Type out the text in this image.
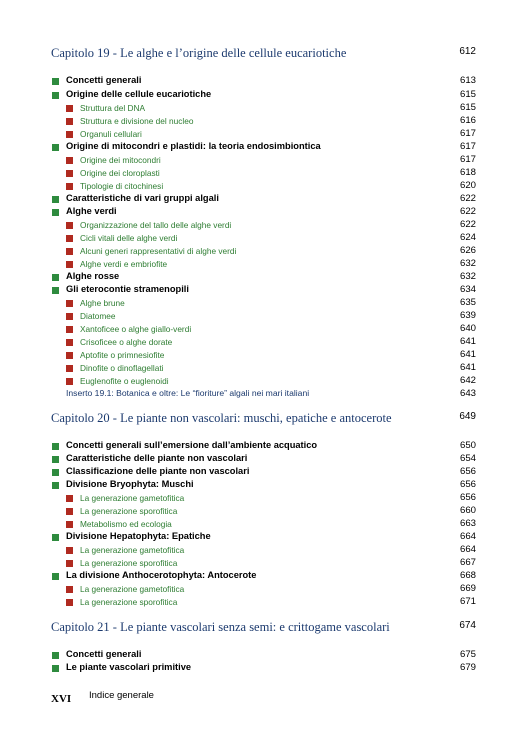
Capitolo 19 - Le alghe e l’origine delle cellule eucariotiche	612
Concetti generali	613
Origine delle cellule eucariotiche	615
Struttura del DNA	615
Struttura e divisione del nucleo	616
Organuli cellulari	617
Origine di mitocondri e plastidi: la teoria endosimbiontica	617
Origine dei mitocondri	617
Origine dei cloroplasti	618
Tipologie di citochinesi	620
Caratteristiche di vari gruppi algali	622
Alghe verdi	622
Organizzazione del tallo delle alghe verdi	622
Cicli vitali delle alghe verdi	624
Alcuni generi rappresentativi di alghe verdi	626
Alghe verdi e embriofite	632
Alghe rosse	632
Gli eterocontie stramenopili	634
Alghe brune	635
Diatomee	639
Xantoficee o alghe giallo-verdi	640
Crisoficee o alghe dorate	641
Aptofite o primnesiofite	641
Dinofite o dinoflagellati	641
Euglenofite o euglenoidi	642
Inserto 19.1: Botanica e oltre: Le “fioriture” algali nei mari italiani	643
Capitolo 20 - Le piante non vascolari: muschi, epatiche e antocerote	649
Concetti generali sull’emersione dall’ambiente acquatico	650
Caratteristiche delle piante non vascolari	654
Classificazione delle piante non vascolari	656
Divisione Bryophyta: Muschi	656
La generazione gametofitica	656
La generazione sporofitica	660
Metabolismo ed ecologia	663
Divisione Hepatophyta: Epatiche	664
La generazione gametofitica	664
La generazione sporofitica	667
La divisione Anthocerotophyta: Antocerote	668
La generazione gametofitica	669
La generazione sporofitica	671
Capitolo 21 - Le piante vascolari senza semi: e crittogame vascolari	674
Concetti generali	675
Le piante vascolari primitive	679
XVI Indice generale
